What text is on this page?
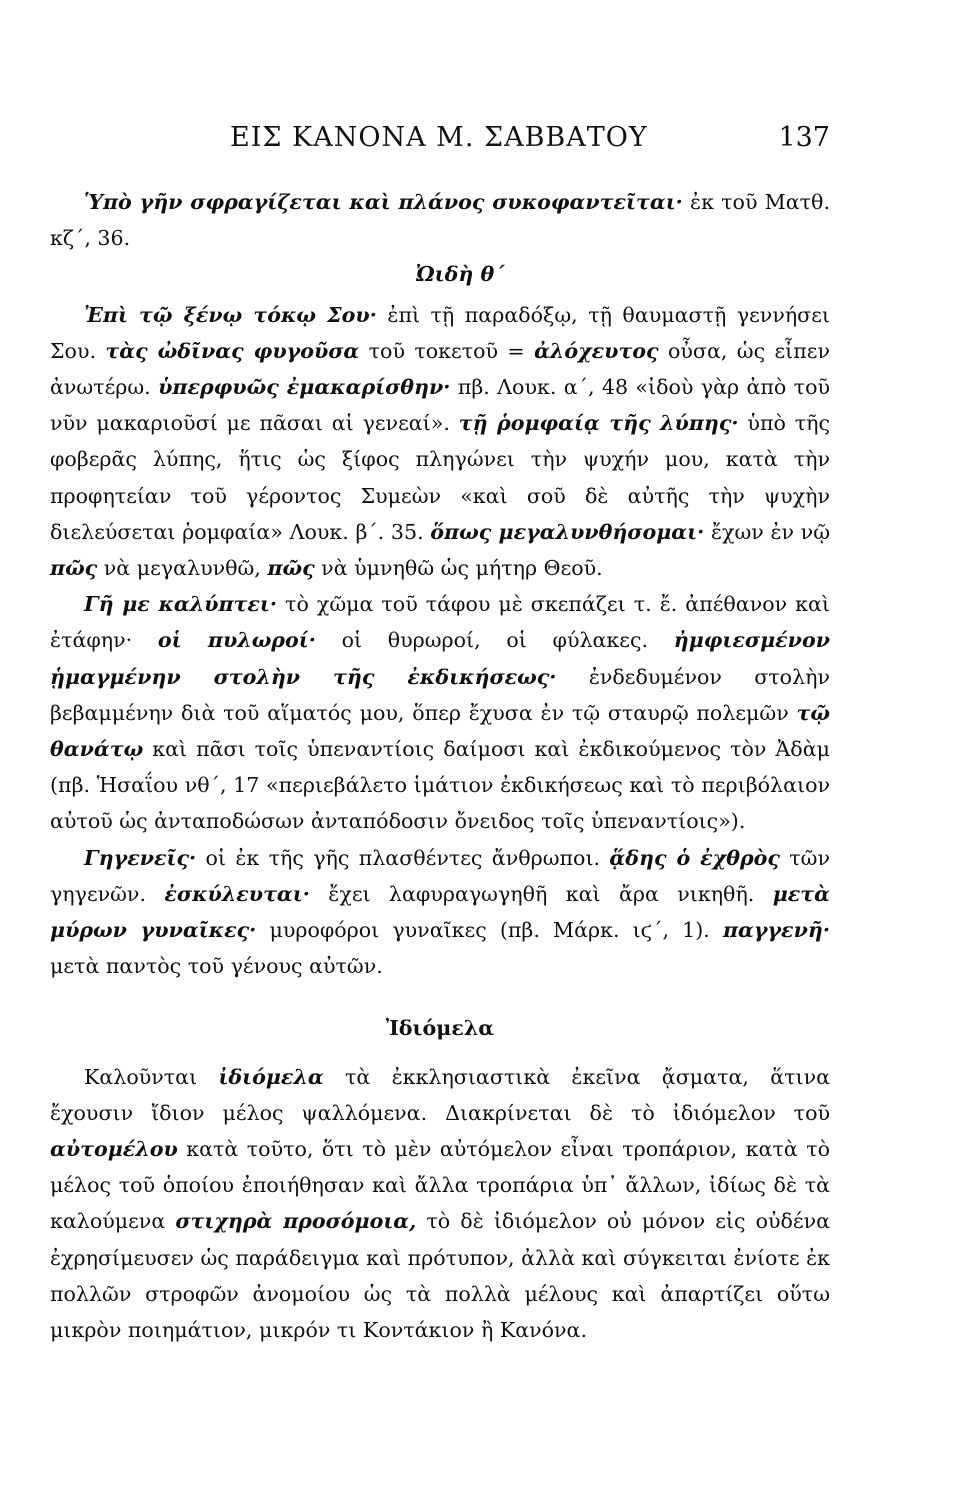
ΕΙΣ ΚΑΝΟΝΑ Μ. ΣΑΒΒΑΤΟΥ	137

Ὑπὸ γῆν σφραγίζεται καὶ πλάνος συκοφαντεῖται· ἐκ τοῦ Ματθ. κζ΄, 36.

Ὠιδὴ θ΄

Ἐπὶ τῷ ξένῳ τόκῳ Σου· ἐπὶ τῇ παραδόξῳ, τῇ θαυμαστῇ γεννήσει Σου. τὰς ὠδῖνας φυγοῦσα τοῦ τοκετοῦ = ἀλόχευτος οὖσα, ὡς εἶπεν ἀνωτέρω. ὑπερφυῶς ἐμακαρίσθην· πβ. Λουκ. α΄, 48 «ἰδοὺ γὰρ ἀπὸ τοῦ νῦν μακαριοῦσί με πᾶσαι αἱ γενεαί». τῇ ῥομφαίᾳ τῆς λύπης· ὑπὸ τῆς φοβερᾶς λύπης, ἥτις ὡς ξίφος πληγώνει τὴν ψυχήν μου, κατὰ τὴν προφητείαν τοῦ γέροντος Συμεὼν «καὶ σοῦ δὲ αὐτῆς τὴν ψυχὴν διελεύσεται ῥομφαία» Λουκ. β΄. 35. ὅπως μεγαλυνθήσομαι· ἔχων ἐν νῷ πῶς νὰ μεγαλυνθῶ, πῶς νὰ ὑμνηθῶ ὡς μήτηρ Θεοῦ.

Γῆ με καλύπτει· τὸ χῶμα τοῦ τάφου μὲ σκεπάζει τ. ἔ. ἀπέθανον καὶ ἐτάφην· οἱ πυλωροί· οἱ θυρωροί, οἱ φύλακες. ἠμφιεσμένον ᾑμαγμένην στολὴν τῆς ἐκδικήσεως· ἐνδεδυμένον στολὴν βεβαμμένην διὰ τοῦ αἵματός μου, ὅπερ ἔχυσα ἐν τῷ σταυρῷ πολεμῶν τῷ θανάτῳ καὶ πᾶσι τοῖς ὑπεναντίοις δαίμοσι καὶ ἐκδικούμενος τὸν Ἀδὰμ (πβ. Ἡσαΐου νθ΄, 17 «περιεβάλετο ἱμάτιον ἐκδικήσεως καὶ τὸ περιβόλαιον αὐτοῦ ὡς ἀνταποδώσων ἀνταπόδοσιν ὄνειδος τοῖς ὑπεναντίοις»).

Γηγενεῖς· οἱ ἐκ τῆς γῆς πλασθέντες ἄνθρωποι. ᾅδης ὁ ἐχθρὸς τῶν γηγενῶν. ἐσκύλευται· ἔχει λαφυραγωγηθῆ καὶ ἄρα νικηθῆ. μετὰ μύρων γυναῖκες· μυροφόροι γυναῖκες (πβ. Μάρκ. ιϛ΄, 1). παγγενῆ· μετὰ παντὸς τοῦ γένους αὐτῶν.

Ἰδιόμελα

Καλοῦνται ἰδιόμελα τὰ ἐκκλησιαστικὰ ἐκεῖνα ᾄσματα, ἅτινα ἔχουσιν ἴδιον μέλος ψαλλόμενα. Διακρίνεται δὲ τὸ ἰδιόμελον τοῦ αὐτομέλου κατὰ τοῦτο, ὅτι τὸ μὲν αὐτόμελον εἶναι τροπάριον, κατὰ τὸ μέλος τοῦ ὁποίου ἐποιήθησαν καὶ ἄλλα τροπάρια ὑπ᾽ ἄλλων, ἰδίως δὲ τὰ καλούμενα στιχηρὰ προσόμοια, τὸ δὲ ἰδιόμελον οὐ μόνον εἰς οὐδένα ἐχρησίμευσεν ὡς παράδειγμα καὶ πρότυπον, ἀλλὰ καὶ σύγκειται ἐνίοτε ἐκ πολλῶν στροφῶν ἀνομοίου ὡς τὰ πολλὰ μέλους καὶ ἀπαρτίζει οὕτω μικρὸν ποιημάτιον, μικρόν τι Κοντάκιον ἢ Κανόνα.
